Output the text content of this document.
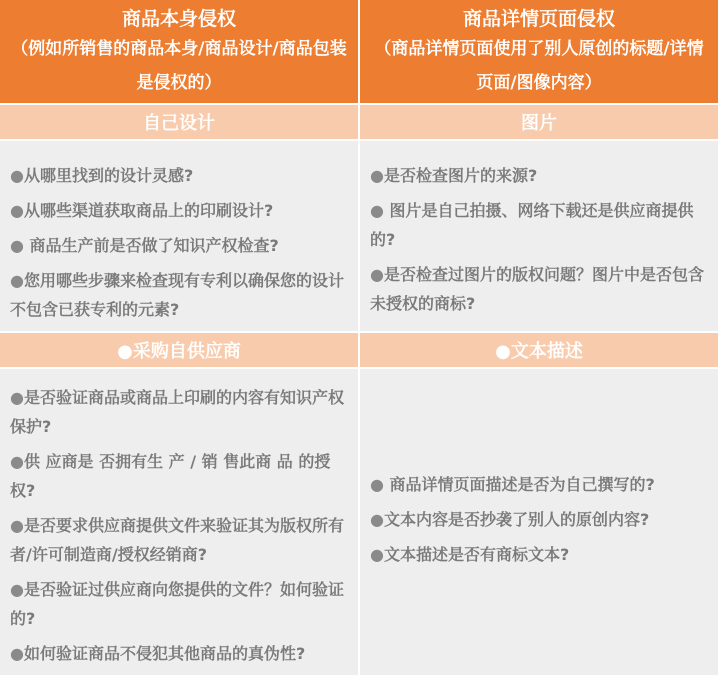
商品本身侵权
（例如所销售的商品本身/商品设计/商品包装是侵权的）
商品详情页面侵权
（商品详情页面使用了别人原创的标题/详情页面/图像内容）
自己设计	图片
●从哪里找到的设计灵感?
●从哪些渠道获取商品上的印刷设计?
● 商品生产前是否做了知识产权检查?
●您用哪些步骤来检查现有专利以确保您的设计不包含已获专利的元素?
●是否检查图片的来源?
● 图片是自己拍摄、网络下载还是供应商提供的?
●是否检查过图片的版权问题？图片中是否包含未授权的商标?
●采购自供应商	●文本描述
●是否验证商品或商品上印刷的内容有知识产权保护?
●供 应商是 否拥有生 产 / 销 售此商 品 的授权?
●是否要求供应商提供文件来验证其为版权所有者/许可制造商/授权经销商?
●是否验证过供应商向您提供的文件？如何验证的?
●如何验证商品不侵犯其他商品的真伪性?
● 商品详情页面描述是否为自己撰写的?
●文本内容是否抄袭了别人的原创内容?
●文本描述是否有商标文本?
